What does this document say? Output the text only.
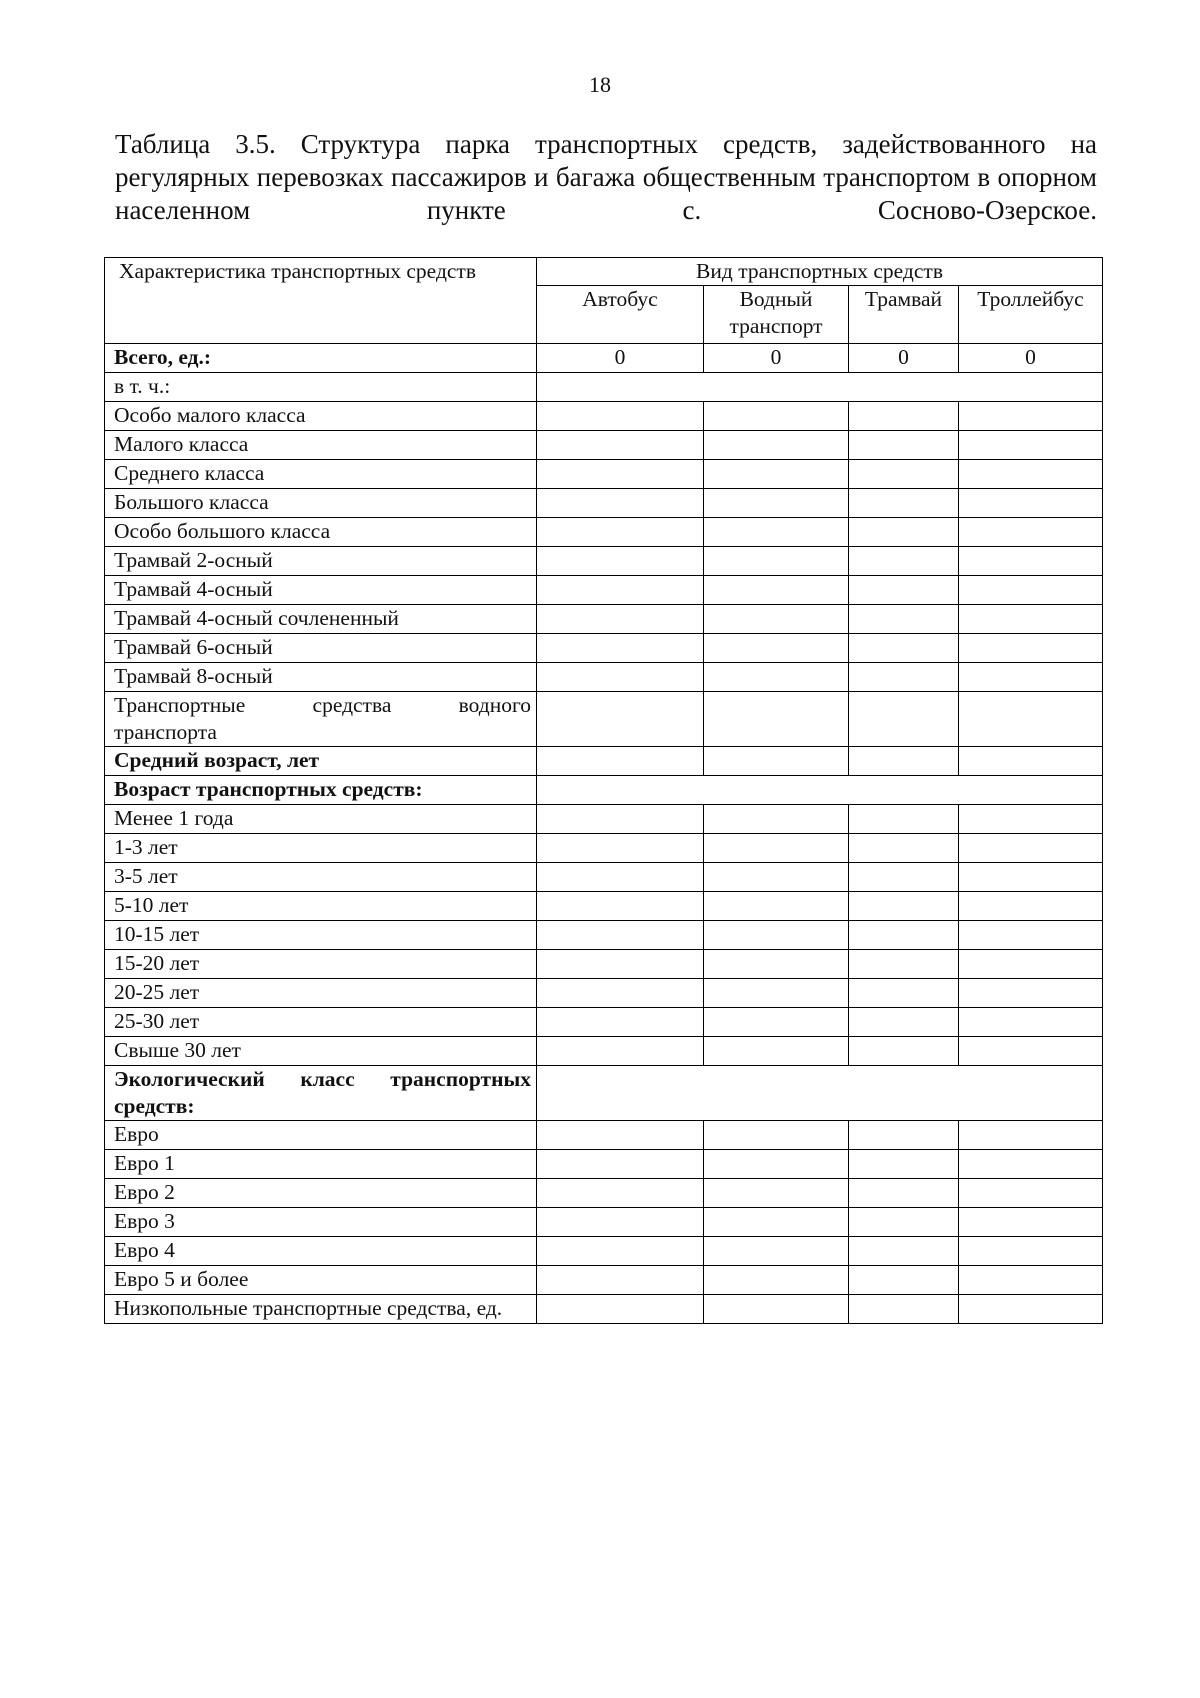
18
Таблица 3.5. Структура парка транспортных средств, задействованного на регулярных перевозках пассажиров и багажа общественным транспортом в опорном населенном пункте с. Сосново-Озерское.
Характеристика транспортных средств	Вид транспортных средств			
	Автобус	Водный транспорт	Трамвай	Троллейбус
Всего, ед.:	0	0	0	0
в т. ч.:				
Особо малого класса				
Малого класса				
Среднего класса				
Большого класса				
Особо большого класса				
Трамвай 2-осный				
Трамвай 4-осный				
Трамвай 4-осный сочлененный				
Трамвай 6-осный				
Трамвай 8-осный				

Транспортные средства водного
транспорта				

Средний возраст, лет				
Возраст транспортных средств:				
Менее 1 года				
1-3 лет				
3-5 лет				
5-10 лет				
10-15 лет				
15-20 лет				
20-25 лет				
25-30 лет				
Свыше 30 лет				

Экологический класс транспортных
средств:				

Евро				
Евро 1				
Евро 2				
Евро 3				
Евро 4				
Евро 5 и более				
Низкопольные транспортные средства, ед.				
